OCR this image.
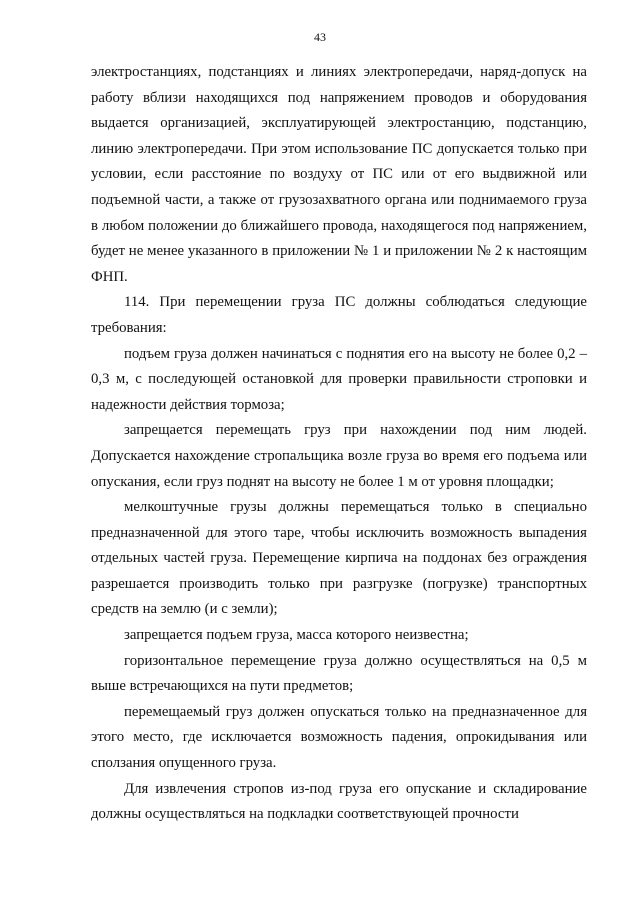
43

электростанциях, подстанциях и линиях электропередачи, наряд-допуск на работу вблизи находящихся под напряжением проводов и оборудования выдается организацией, эксплуатирующей электростанцию, подстанцию, линию электропередачи. При этом использование ПС допускается только при условии, если расстояние по воздуху от ПС или от его выдвижной или подъемной части, а также от грузозахватного органа или поднимаемого груза в любом положении до ближайшего провода, находящегося под напряжением, будет не менее указанного в приложении № 1 и приложении № 2 к настоящим ФНП.

114. При перемещении груза ПС должны соблюдаться следующие требования:

подъем груза должен начинаться с поднятия его на высоту не более 0,2 – 0,3 м, с последующей остановкой для проверки правильности строповки и надежности действия тормоза;

запрещается перемещать груз при нахождении под ним людей. Допускается нахождение стропальщика возле груза во время его подъема или опускания, если груз поднят на высоту не более 1 м от уровня площадки;

мелкоштучные грузы должны перемещаться только в специально предназначенной для этого таре, чтобы исключить возможность выпадения отдельных частей груза. Перемещение кирпича на поддонах без ограждения разрешается производить только при разгрузке (погрузке) транспортных средств на землю (и с земли);

запрещается подъем груза, масса которого неизвестна;

горизонтальное перемещение груза должно осуществляться на 0,5 м выше встречающихся на пути предметов;

перемещаемый груз должен опускаться только на предназначенное для этого место, где исключается возможность падения, опрокидывания или сползания опущенного груза.

Для извлечения стропов из-под груза его опускание и складирование должны осуществляться на подкладки соответствующей прочности
